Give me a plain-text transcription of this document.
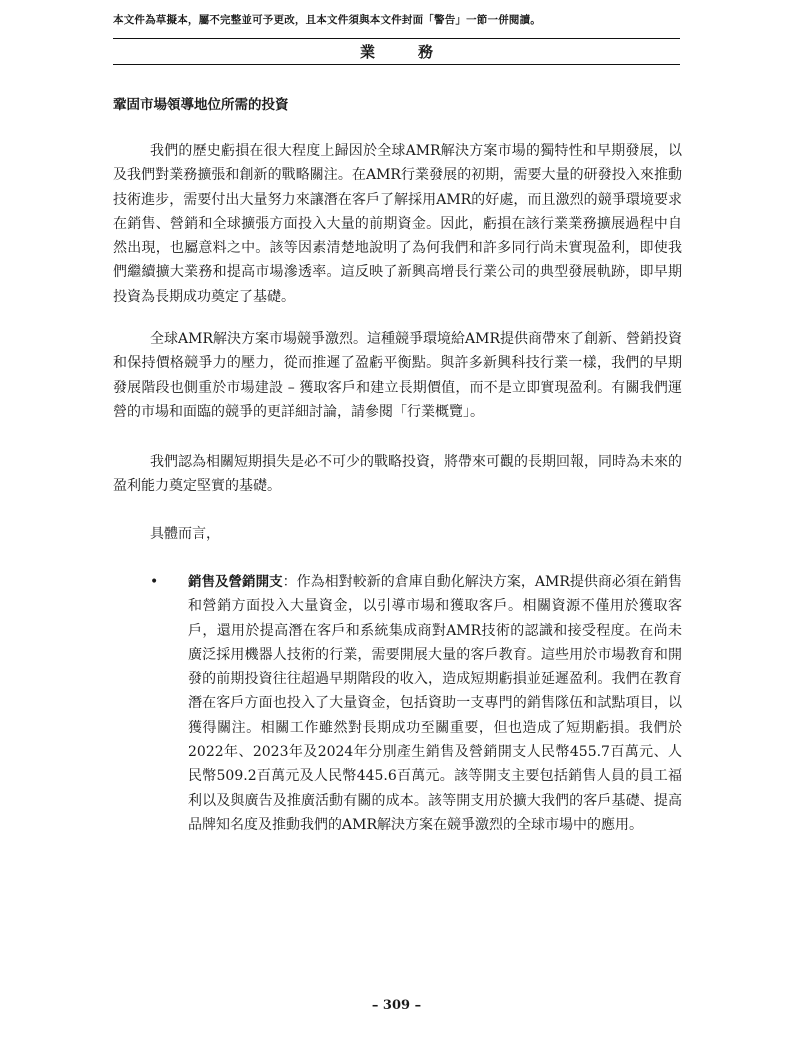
本文件為草擬本，屬不完整並可予更改，且本文件須與本文件封面「警告」一節一併閱讀。
業　務
鞏固市場領導地位所需的投資

我們的歷史虧損在很大程度上歸因於全球AMR解決方案市場的獨特性和早期發展，以及我們對業務擴張和創新的戰略關注。在AMR行業發展的初期，需要大量的研發投入來推動技術進步，需要付出大量努力來讓潛在客戶了解採用AMR的好處，而且激烈的競爭環境要求在銷售、營銷和全球擴張方面投入大量的前期資金。因此，虧損在該行業業務擴展過程中自然出現，也屬意料之中。該等因素清楚地說明了為何我們和許多同行尚未實現盈利，即使我們繼續擴大業務和提高市場滲透率。這反映了新興高增長行業公司的典型發展軌跡，即早期投資為長期成功奠定了基礎。

全球AMR解決方案市場競爭激烈。這種競爭環境給AMR提供商帶來了創新、營銷投資和保持價格競爭力的壓力，從而推遲了盈虧平衡點。與許多新興科技行業一樣，我們的早期發展階段也側重於市場建設 – 獲取客戶和建立長期價值，而不是立即實現盈利。有關我們運營的市場和面臨的競爭的更詳細討論，請參閱「行業概覽」。

我們認為相關短期損失是必不可少的戰略投資，將帶來可觀的長期回報，同時為未來的盈利能力奠定堅實的基礎。

具體而言，

• 銷售及營銷開支：作為相對較新的倉庫自動化解決方案，AMR提供商必須在銷售和營銷方面投入大量資金，以引導市場和獲取客戶。相關資源不僅用於獲取客戶，還用於提高潛在客戶和系統集成商對AMR技術的認識和接受程度。在尚未廣泛採用機器人技術的行業，需要開展大量的客戶教育。這些用於市場教育和開發的前期投資往往超過早期階段的收入，造成短期虧損並延遲盈利。我們在教育潛在客戶方面也投入了大量資金，包括資助一支專門的銷售隊伍和試點項目，以獲得關注。相關工作雖然對長期成功至關重要，但也造成了短期虧損。我們於2022年、2023年及2024年分別產生銷售及營銷開支人民幣455.7百萬元、人民幣509.2百萬元及人民幣445.6百萬元。該等開支主要包括銷售人員的員工福利以及與廣告及推廣活動有關的成本。該等開支用於擴大我們的客戶基礎、提高品牌知名度及推動我們的AMR解決方案在競爭激烈的全球市場中的應用。

– 309 –
